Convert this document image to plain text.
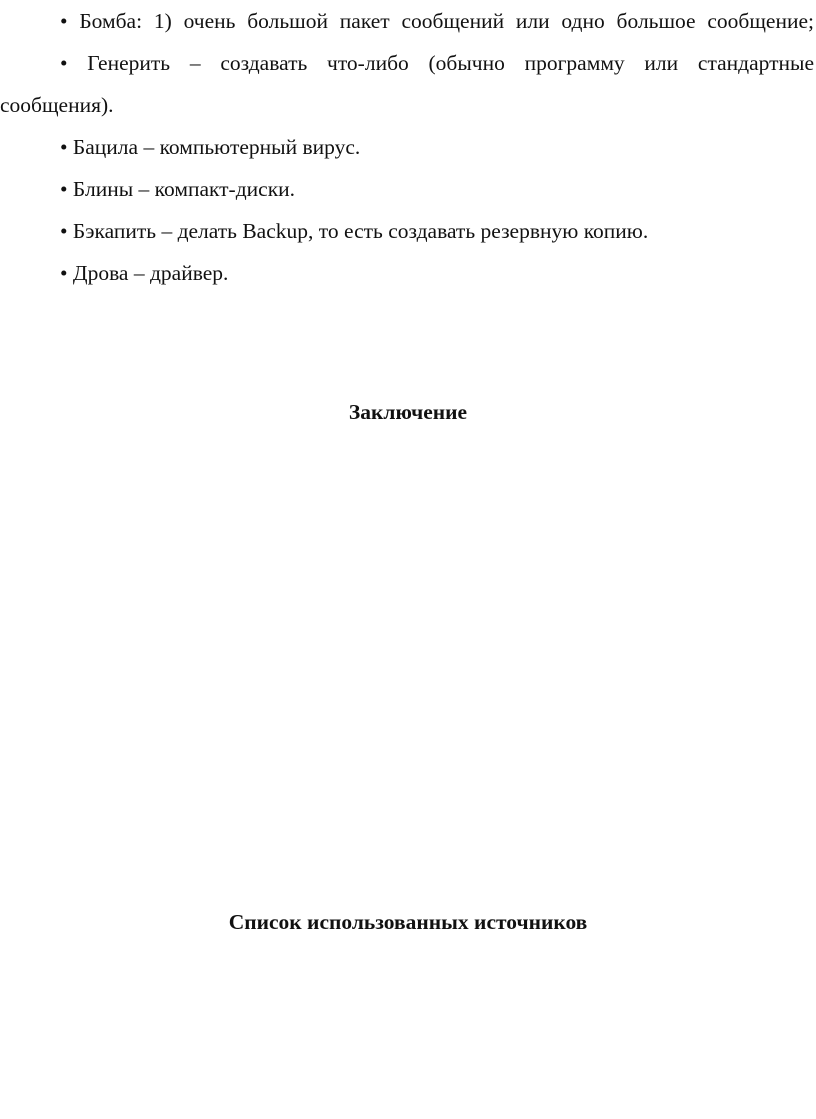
• Бомба: 1) очень большой пакет сообщений или одно большое сообщение;

• Генерить – создавать что-либо (обычно программу или стандартные сообщения).

• Бацила – компьютерный вирус.

• Блины – компакт-диски.

• Бэкапить – делать Backup, то есть создавать резервную копию.

• Дрова – драйвер.

Заключение
Список использованных источников
